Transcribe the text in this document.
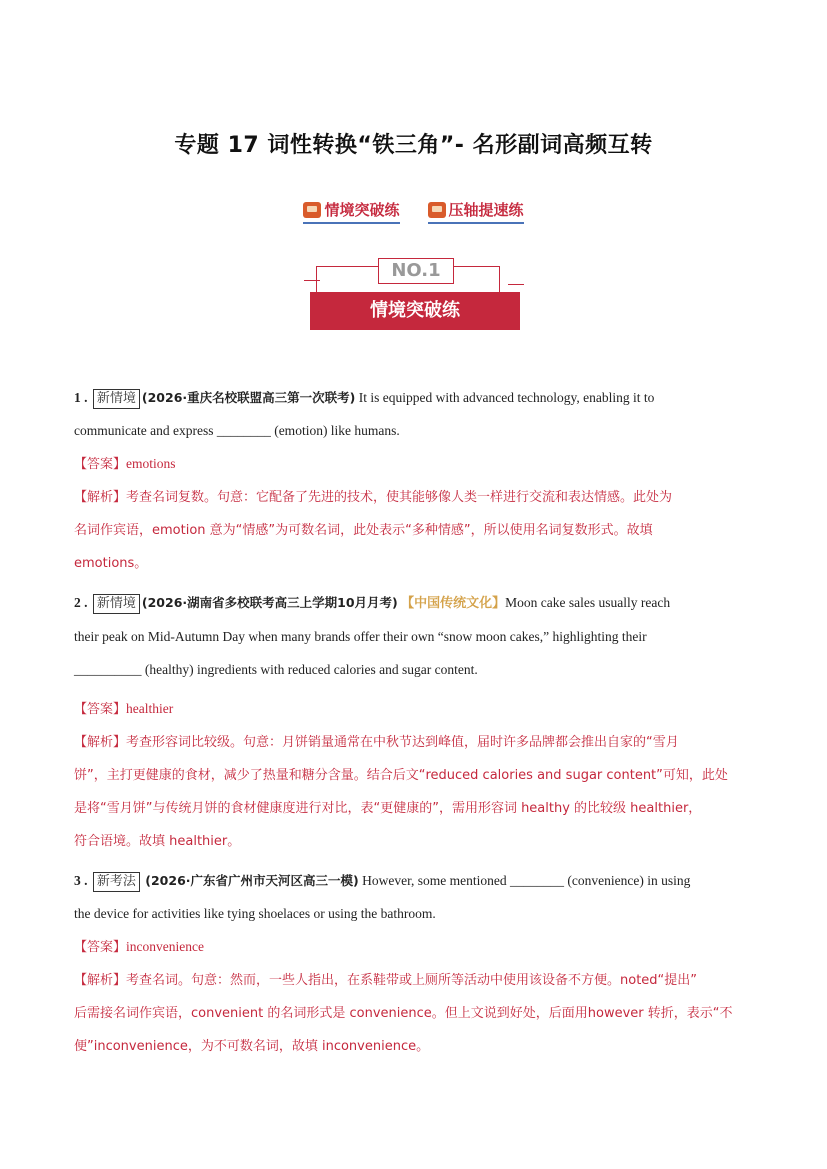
专题 17 词性转换“铁三角”- 名形副词高频互转
情境突破练
	压轴提速练
NO.1
情境突破练
1 . 新情境 (2026·重庆名校联盟高三第一次联考) It is equipped with advanced technology, enabling it to
communicate and express ________ (emotion) like humans.
【答案】emotions
【解析】考查名词复数。句意：它配备了先进的技术，使其能够像人类一样进行交流和表达情感。此处为
名词作宾语，emotion 意为“情感”为可数名词，此处表示“多种情感”，所以使用名词复数形式。故填
emotions。
2 . 新情境 (2026·湖南省多校联考高三上学期10月月考) 【中国传统文化】Moon cake sales usually reach
their peak on Mid-Autumn Day when many brands offer their own “snow moon cakes,” highlighting their
__________ (healthy) ingredients with reduced calories and sugar content.
【答案】healthier
【解析】考查形容词比较级。句意：月饼销量通常在中秋节达到峰值，届时许多品牌都会推出自家的“雪月
饼”，主打更健康的食材，减少了热量和糖分含量。结合后文“reduced calories and sugar content”可知，此处
是将“雪月饼”与传统月饼的食材健康度进行对比，表“更健康的”，需用形容词 healthy 的比较级 healthier，
符合语境。故填 healthier。
3 . 新考法 (2026·广东省广州市天河区高三一模) However, some mentioned ________ (convenience) in using
the device for activities like tying shoelaces or using the bathroom.
【答案】inconvenience
【解析】考查名词。句意：然而，一些人指出，在系鞋带或上厕所等活动中使用该设备不方便。noted“提出”
后需接名词作宾语，convenient 的名词形式是 convenience。但上文说到好处，后面用however 转折，表示“不
便”inconvenience，为不可数名词，故填 inconvenience。
